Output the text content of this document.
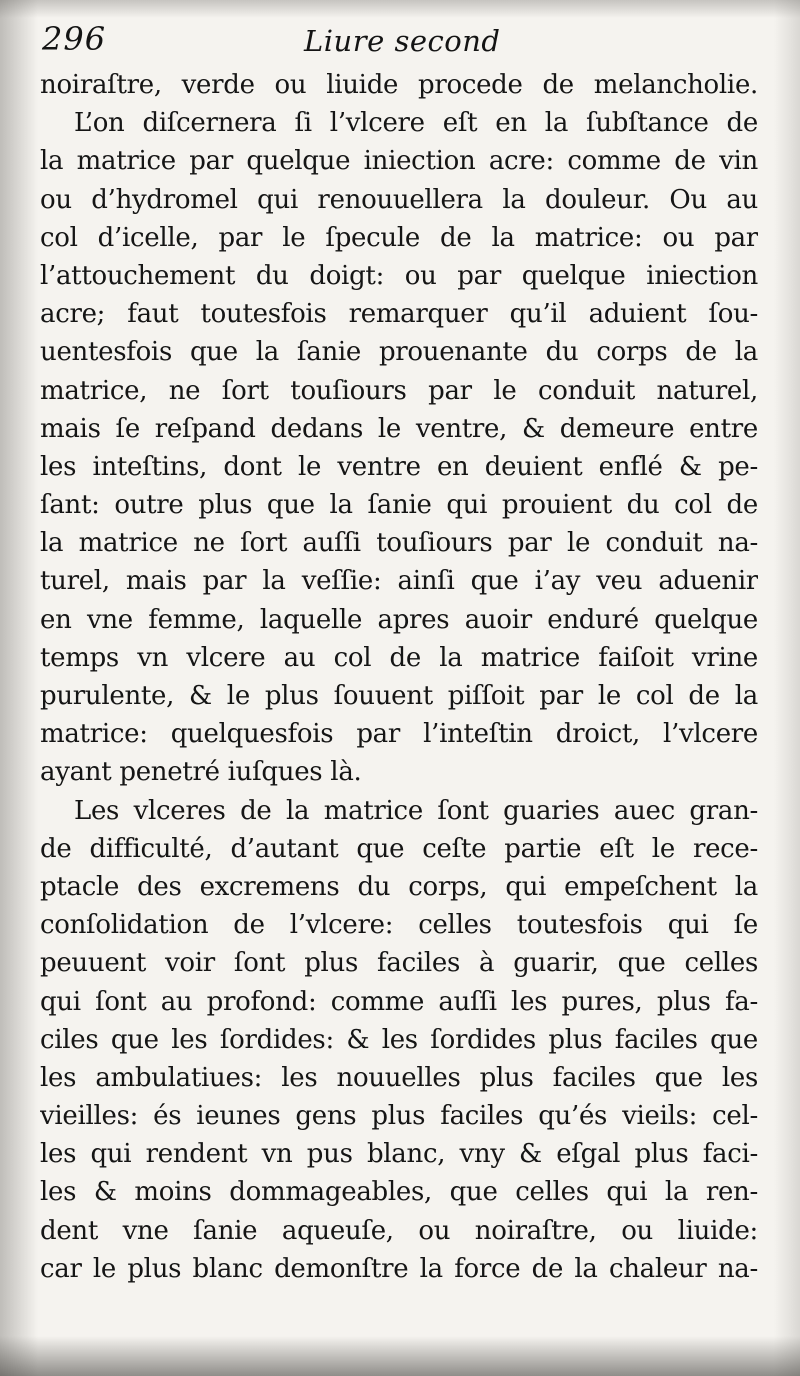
296	Liure second
noiraſtre, verde ou liuide procede de melancholie.
L’on diſcernera ſi l’vlcere eſt en la ſubſtance de
la matrice par quelque iniection acre: comme de vin
ou d’hydromel qui renouuellera la douleur. Ou au
col d’icelle, par le ſpecule de la matrice: ou par
l’attouchement du doigt: ou par quelque iniection
acre; faut toutesfois remarquer qu’il aduient ſou-
uentesfois que la ſanie prouenante du corps de la
matrice, ne ſort touſiours par le conduit naturel,
mais ſe reſpand dedans le ventre, & demeure entre
les inteſtins, dont le ventre en deuient enflé & pe-
ſant: outre plus que la ſanie qui prouient du col de
la matrice ne ſort auſſi touſiours par le conduit na-
turel, mais par la veſſie: ainſi que i’ay veu aduenir
en vne femme, laquelle apres auoir enduré quelque
temps vn vlcere au col de la matrice faiſoit vrine
purulente, & le plus ſouuent piſſoit par le col de la
matrice: quelquesfois par l’inteſtin droict, l’vlcere
ayant penetré iuſques là.
Les vlceres de la matrice ſont guaries auec gran-
de difficulté, d’autant que ceſte partie eſt le rece-
ptacle des excremens du corps, qui empeſchent la
conſolidation de l’vlcere: celles toutesfois qui ſe
peuuent voir ſont plus faciles à guarir, que celles
qui ſont au profond: comme auſſi les pures, plus fa-
ciles que les ſordides: & les ſordides plus faciles que
les ambulatiues: les nouuelles plus faciles que les
vieilles: és ieunes gens plus faciles qu’és vieils: cel-
les qui rendent vn pus blanc, vny & eſgal plus faci-
les & moins dommageables, que celles qui la ren-
dent vne ſanie aqueuſe, ou noiraſtre, ou liuide:
car le plus blanc demonſtre la force de la chaleur na-
